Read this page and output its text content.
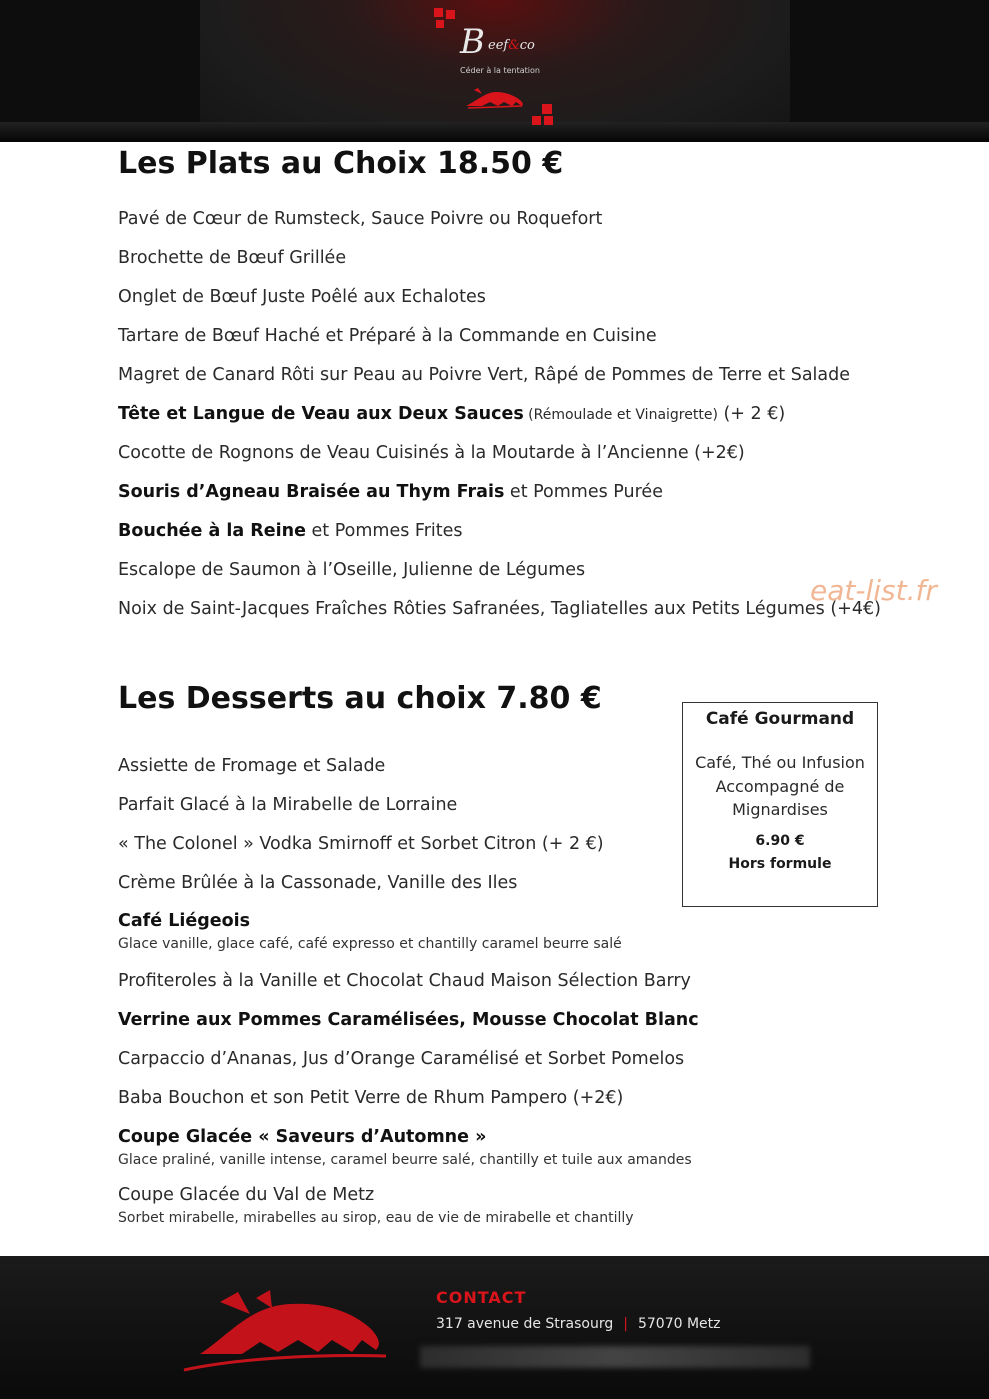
B eef&co
Céder à la tentation
Les Plats au Choix 18.50 €
Pavé de Cœur de Rumsteck, Sauce Poivre ou Roquefort
Brochette de Bœuf Grillée
Onglet de Bœuf Juste Poêlé aux Echalotes
Tartare de Bœuf Haché et Préparé à la Commande en Cuisine
Magret de Canard Rôti sur Peau au Poivre Vert, Râpé de Pommes de Terre et Salade
Tête et Langue de Veau aux Deux Sauces (Rémoulade et Vinaigrette) (+ 2 €)
Cocotte de Rognons de Veau Cuisinés à la Moutarde à l’Ancienne (+2€)
Souris d’Agneau Braisée au Thym Frais et Pommes Purée
Bouchée à la Reine et Pommes Frites
Escalope de Saumon à l’Oseille, Julienne de Légumes
Noix de Saint-Jacques Fraîches Rôties Safranées, Tagliatelles aux Petits Légumes (+4€)
eat-list.fr
Les Desserts au choix 7.80 €
Assiette de Fromage et Salade
Parfait Glacé à la Mirabelle de Lorraine
« The Colonel » Vodka Smirnoff et Sorbet Citron (+ 2 €)
Crème Brûlée à la Cassonade, Vanille des Iles
Café Liégeois
Glace vanille, glace café, café expresso et chantilly caramel beurre salé
Profiteroles à la Vanille et Chocolat Chaud Maison Sélection Barry
Verrine aux Pommes Caramélisées, Mousse Chocolat Blanc
Carpaccio d’Ananas, Jus d’Orange Caramélisé et Sorbet Pomelos
Baba Bouchon et son Petit Verre de Rhum Pampero (+2€)
Coupe Glacée « Saveurs d’Automne »
Glace praliné, vanille intense, caramel beurre salé, chantilly et tuile aux amandes
Coupe Glacée du Val de Metz
Sorbet mirabelle, mirabelles au sirop, eau de vie de mirabelle et chantilly
Café Gourmand
Café, Thé ou Infusion
Accompagné de
Mignardises
6.90 €
Hors formule
CONTACT
317 avenue de Strasourg | 57070 Metz
